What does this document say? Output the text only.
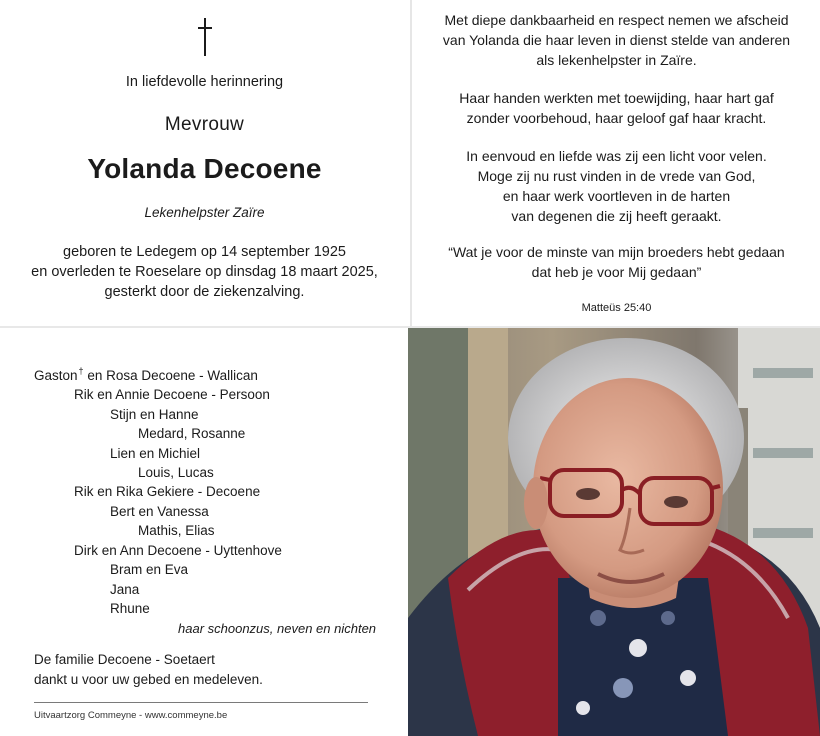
In liefdevolle herinnering
Mevrouw
Yolanda Decoene
Lekenhelpster Zaïre
geboren te Ledegem op 14 september 1925
en overleden te Roeselare op dinsdag 18 maart 2025,
gesterkt door de ziekenzalving.
Met diepe dankbaarheid en respect nemen we afscheid
van Yolanda die haar leven in dienst stelde van anderen
als lekenhelpster in Zaïre.
Haar handen werkten met toewijding, haar hart gaf
zonder voorbehoud, haar geloof gaf haar kracht.
In eenvoud en liefde was zij een licht voor velen.
Moge zij nu rust vinden in de vrede van God,
en haar werk voortleven in de harten
van degenen die zij heeft geraakt.
“Wat je voor de minste van mijn broeders hebt gedaan
dat heb je voor Mij gedaan”
Matteüs 25:40
Gaston† en Rosa Decoene - Wallican
Rik en Annie Decoene - Persoon
Stijn en Hanne
Medard, Rosanne
Lien en Michiel
Louis, Lucas
Rik en Rika Gekiere - Decoene
Bert en Vanessa
Mathis, Elias
Dirk en Ann Decoene - Uyttenhove
Bram en Eva
Jana
Rhune
haar schoonzus, neven en nichten
De familie Decoene - Soetaert
dankt u voor uw gebed en medeleven.
Uitvaartzorg Commeyne - www.commeyne.be
